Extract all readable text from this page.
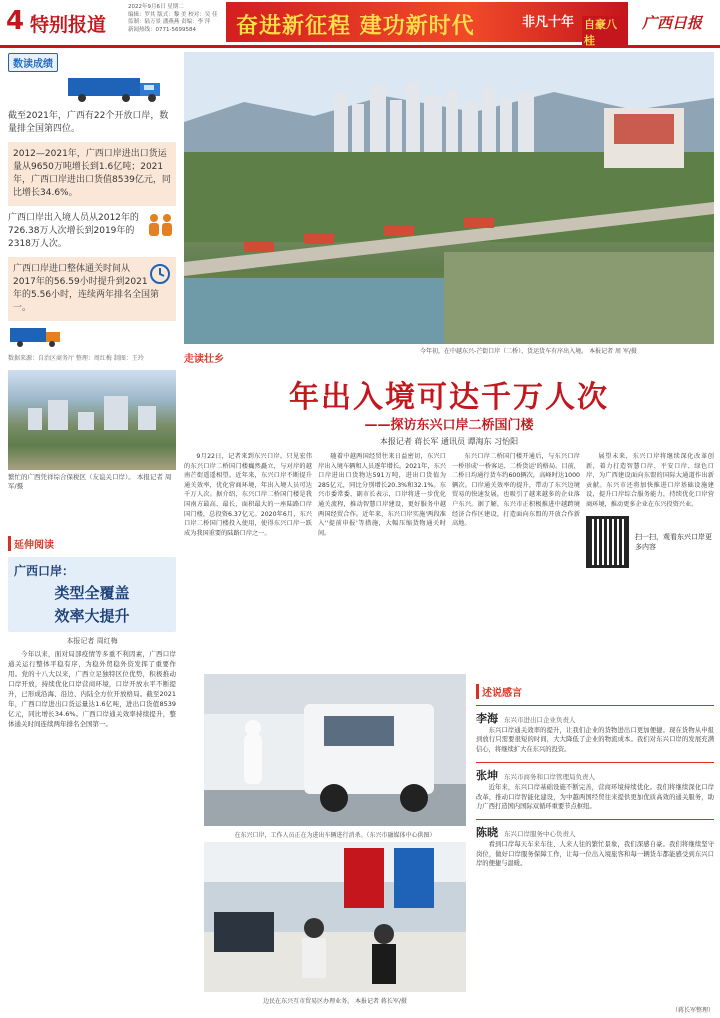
4 特别报道
2022年9月6日 星期二
编辑：罗其 版式：黎 美 校对：吴 佳
监制：陆万景 潘燕燕 责编：李 萍
新闻热线：0771-5699584	奋进新征程 建功新时代	非凡十年 自豪八桂
广西日报
数读成绩
截至2021年，广西有22个开放口岸，数量排全国第四位。
2012—2021年，广西口岸进出口货运量从9650万吨增长到1.6亿吨；2021年，广西口岸进出口货值8539亿元，同比增长34.6%。
广西口岸出入境人员从2012年的726.38万人次增长到2019年的2318万人次。
广西口岸进口整体通关时间从2017年的56.59小时提升到2021年的5.56小时，连续两年排名全国第一。
数据来源：自治区商务厅 整理：周红梅 制图：王玲
繁忙的广西凭祥综合保税区（友谊关口岸）。 本报记者 周 军/摄
延伸阅读
广西口岸：
类型全覆盖
效率大提升
本报记者 周红梅
今年以来，面对局部疫情等多重不利因素，广西口岸通关运行整体平稳有序，为稳外贸稳外资发挥了重要作用。党的十八大以来，广西立足独特区位优势，积极推动口岸开放，持续优化口岸营商环境，口岸开放水平不断提升，已形成沿海、沿边、内陆全方位开放格局。截至2021年，广西口岸进出口货运量达1.6亿吨，进出口货值8539亿元，同比增长34.6%。广西口岸通关效率持续提升，整体通关时间连续两年排名全国第一。
今年初，在中越东兴-芒街口岸（二桥），货运货车有序出入境。 本报记者 周 军/摄
走读壮乡
年出入境可达千万人次
——探访东兴口岸二桥国门楼
本报记者 蒋长军 通讯员 谭淘东 习怡阳
9月22日，记者来到东兴口岸。只见宏伟的东兴口岸二桥国门楼巍然矗立，与对岸的越南芒街遥遥相望。近年来，东兴口岸不断提升通关效率，优化营商环境，年出入境人员可达千万人次。据介绍，东兴口岸二桥国门楼是我国南方最高、最长、面积最大的一座陆路口岸国门楼，总投资6.37亿元。2020年6月，东兴口岸二桥国门楼投入使用，使得东兴口岸一跃成为我国重要的陆路口岸之一。
随着中越两国经贸往来日益密切，东兴口岸出入境车辆和人员逐年增长。2021年，东兴口岸进出口货物达591万吨，进出口货值为285亿元，同比分别增长20.3%和32.1%。东兴市委常委、副市长表示，口岸将进一步优化通关流程，推动智慧口岸建设，更好服务中越两国经贸合作。近年来，东兴口岸实施'两段准入''提前申报'等措施，大幅压缩货物通关时间。
东兴口岸二桥国门楼开通后，与东兴口岸一桥形成'一桥客运、二桥货运'的格局。目前，二桥日均通行货车约600辆次，高峰时达1000辆次。口岸通关效率的提升，带动了东兴边境贸易的快速发展，也吸引了越来越多的企业落户东兴。据了解，东兴市正积极推进中越跨境经济合作区建设，打造面向东盟的开放合作新高地。
展望未来，东兴口岸将继续深化改革创新，着力打造智慧口岸、平安口岸、绿色口岸，为广西建设面向东盟的国际大通道作出新贡献。东兴市还将加快推进口岸基础设施建设，提升口岸综合服务能力，持续优化口岸营商环境，推动更多企业在东兴投资兴业。
扫一扫，观看东兴口岸更多内容
在东兴口岸，工作人员正在为进出车辆进行消杀。（东兴市融媒体中心供图）
边民在东兴互市贸易区办理业务。 本报记者 蒋长军/摄
述说感言
李海 东兴市进出口企业负责人
东兴口岸通关效率的提升，让我们企业的货物进出口更加便捷。现在货物从申报到放行只需要很短的时间，大大降低了企业的物流成本。我们对东兴口岸的发展充满信心，将继续扩大在东兴的投资。
张坤 东兴市商务和口岸管理局负责人
近年来，东兴口岸基础设施不断完善，营商环境持续优化。我们将继续深化口岸改革，推动口岸智能化建设，为中越两国经贸往来提供更加优质高效的通关服务，助力广西打造国内国际双循环重要节点枢纽。
陈晓 东兴口岸服务中心负责人
看到口岸每天车来车往、人来人往的繁忙景象，我们深感自豪。我们将继续坚守岗位，做好口岸服务保障工作，让每一位出入境旅客和每一辆货车都能感受到东兴口岸的便捷与温暖。
（蒋长军整理）
